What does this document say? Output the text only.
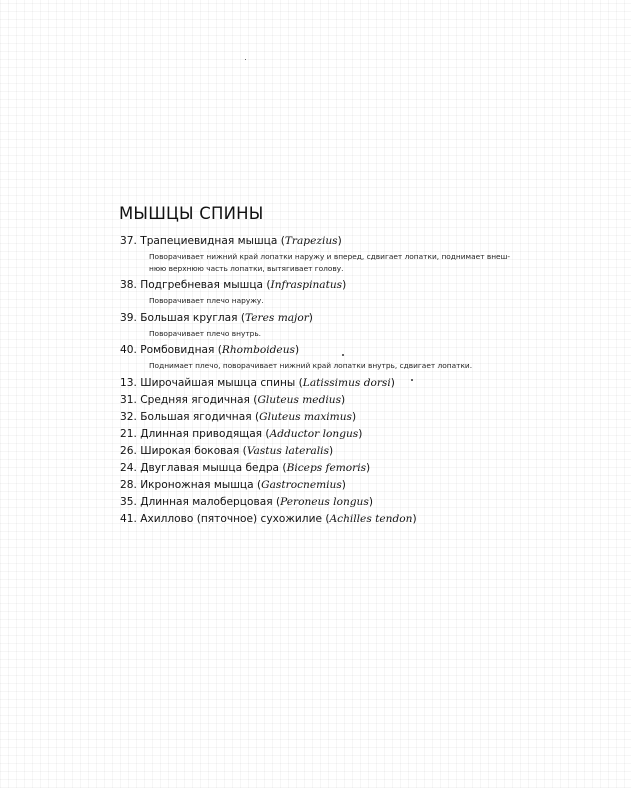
МЫШЦЫ СПИНЫ
37. Трапециевидная мышца (Trapezius)
Поворачивает нижний край лопатки наружу и вперед, сдвигает лопатки, поднимает внеш-
нюю верхнюю часть лопатки, вытягивает голову.
38. Подгребневая мышца (Infraspinatus)
Поворачивает плечо наружу.
39. Большая круглая (Teres major)
Поворачивает плечо внутрь.
40. Ромбовидная (Rhomboideus)
Поднимает плечо, поворачивает нижний край лопатки внутрь, сдвигает лопатки.
13. Широчайшая мышца спины (Latissimus dorsi)
31. Средняя ягодичная (Gluteus medius)
32. Большая ягодичная (Gluteus maximus)
21. Длинная приводящая (Adductor longus)
26. Широкая боковая (Vastus lateralis)
24. Двуглавая мышца бедра (Biceps femoris)
28. Икроножная мышца (Gastrocnemius)
35. Длинная малоберцовая (Peroneus longus)
41. Ахиллово (пяточное) сухожилие (Achilles tendon)
